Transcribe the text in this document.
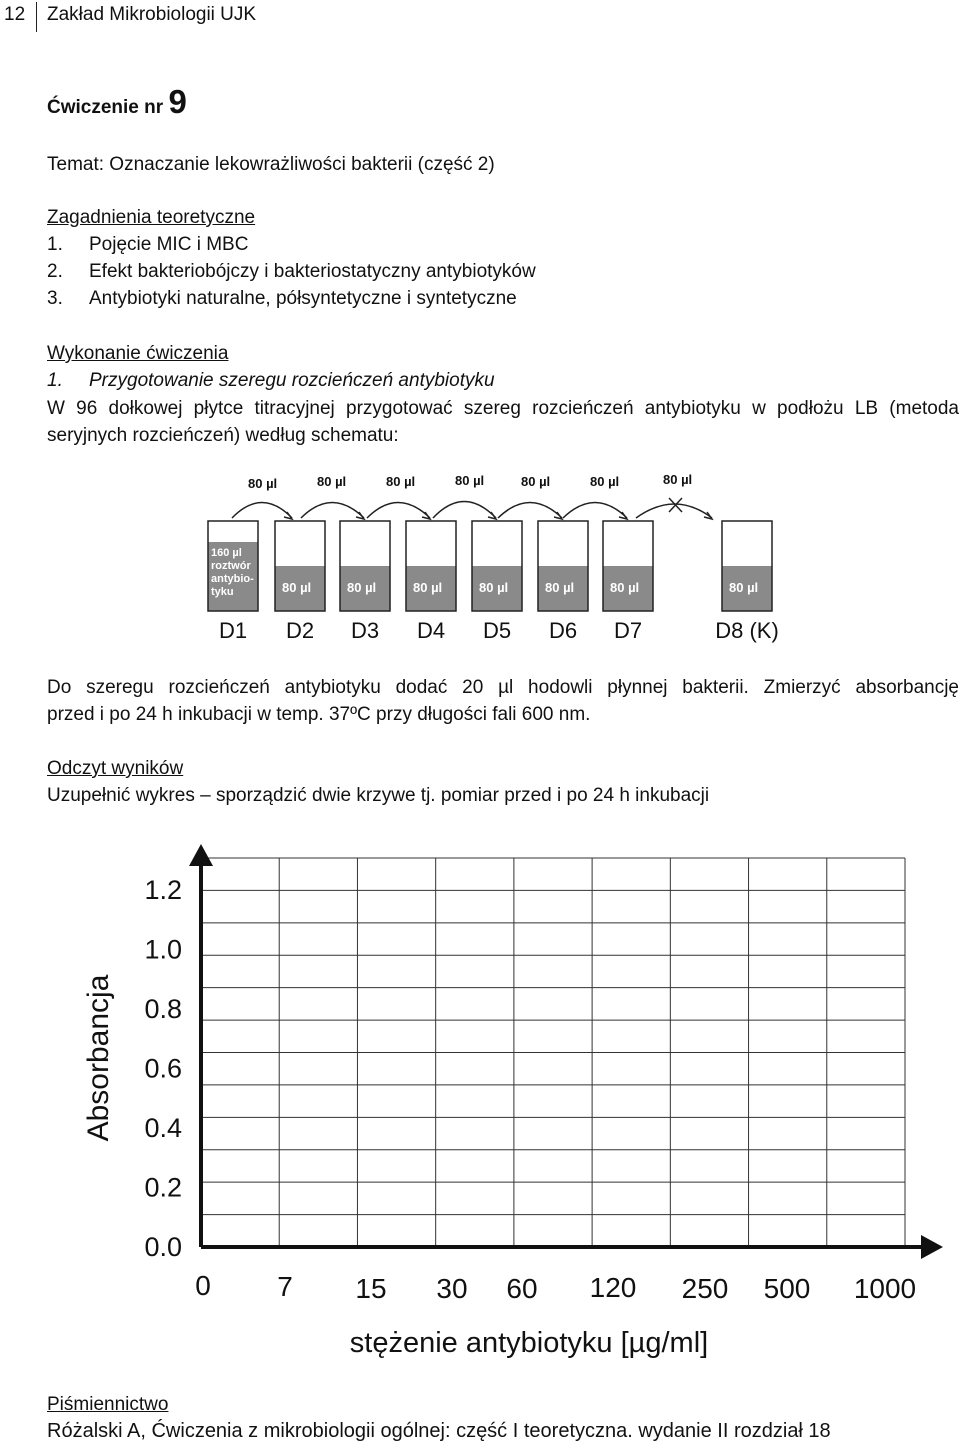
12 Zakład Mikrobiologii UJK
Ćwiczenie nr 9
Temat: Oznaczanie lekowrażliwości bakterii (część 2)
Zagadnienia teoretyczne
1. Pojęcie MIC i MBC
2. Efekt bakteriobójczy i bakteriostatyczny antybiotyków
3. Antybiotyki naturalne, półsyntetyczne i syntetyczne
Wykonanie ćwiczenia
1. Przygotowanie szeregu rozcieńczeń antybiotyku
W 96 dołkowej płytce titracyjnej przygotować szereg rozcieńczeń antybiotyku w podłożu LB (metoda
seryjnych rozcieńczeń) według schematu:
80 µl	80 µl	80 µl	80 µl	80 µl	80 µl	80 µl
160 µl
roztwór
antybio-
tyku
D1
80 µl
D2
80 µl
D3
80 µl
D4
80 µl
D5
80 µl
D6
80 µl
D7
80 µl
D8 (K)
Do szeregu rozcieńczeń antybiotyku dodać 20 µl hodowli płynnej bakterii. Zmierzyć absorbancję
przed i po 24 h inkubacji w temp. 37ºC przy długości fali 600 nm.
Odczyt wyników
Uzupełnić wykres – sporządzić dwie krzywe tj. pomiar przed i po 24 h inkubacji
0.0
0.2
0.4
0.6
0.8
1.0
1.2
0 7 15 30 60 120 250 500 1000
Absorbancja
stężenie antybiotyku [µg/ml]
Piśmiennictwo
Różalski A, Ćwiczenia z mikrobiologii ogólnej: część I teoretyczna. wydanie II rozdział 18
